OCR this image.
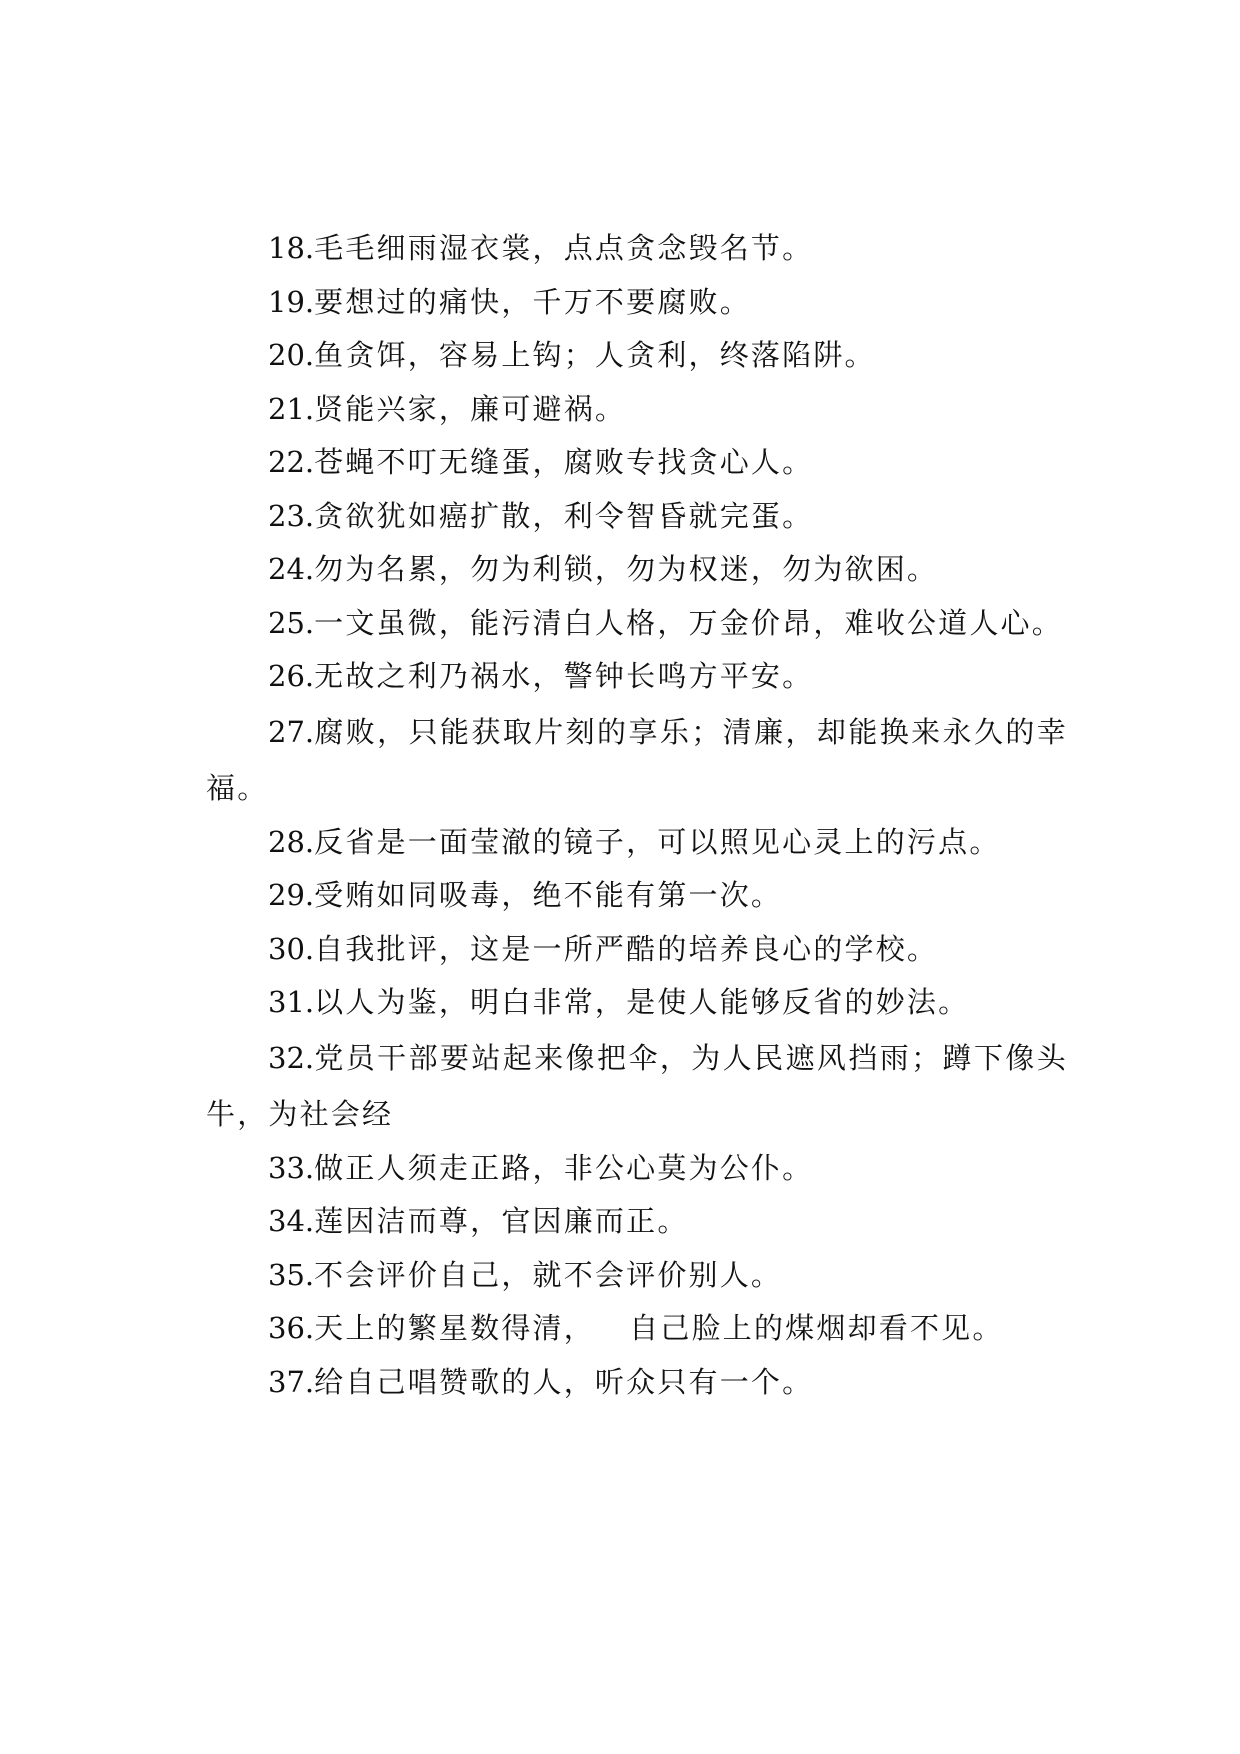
18.毛毛细雨湿衣裳，点点贪念毁名节。

19.要想过的痛快，千万不要腐败。

20.鱼贪饵，容易上钩；人贪利，终落陷阱。

21.贤能兴家，廉可避祸。

22.苍蝇不叮无缝蛋，腐败专找贪心人。

23.贪欲犹如癌扩散，利令智昏就完蛋。

24.勿为名累，勿为利锁，勿为权迷，勿为欲困。

25.一文虽微，能污清白人格，万金价昂，难收公道人心。

26.无故之利乃祸水，警钟长鸣方平安。

27.腐败，只能获取片刻的享乐；清廉，却能换来永久的幸福。

28.反省是一面莹澈的镜子，可以照见心灵上的污点。

29.受贿如同吸毒，绝不能有第一次。

30.自我批评，这是一所严酷的培养良心的学校。

31.以人为鉴，明白非常，是使人能够反省的妙法。

32.党员干部要站起来像把伞，为人民遮风挡雨；蹲下像头牛，为社会经

33.做正人须走正路，非公心莫为公仆。

34.莲因洁而尊，官因廉而正。

35.不会评价自己，就不会评价别人。

36.天上的繁星数得清，   自己脸上的煤烟却看不见。

37.给自己唱赞歌的人，听众只有一个。
